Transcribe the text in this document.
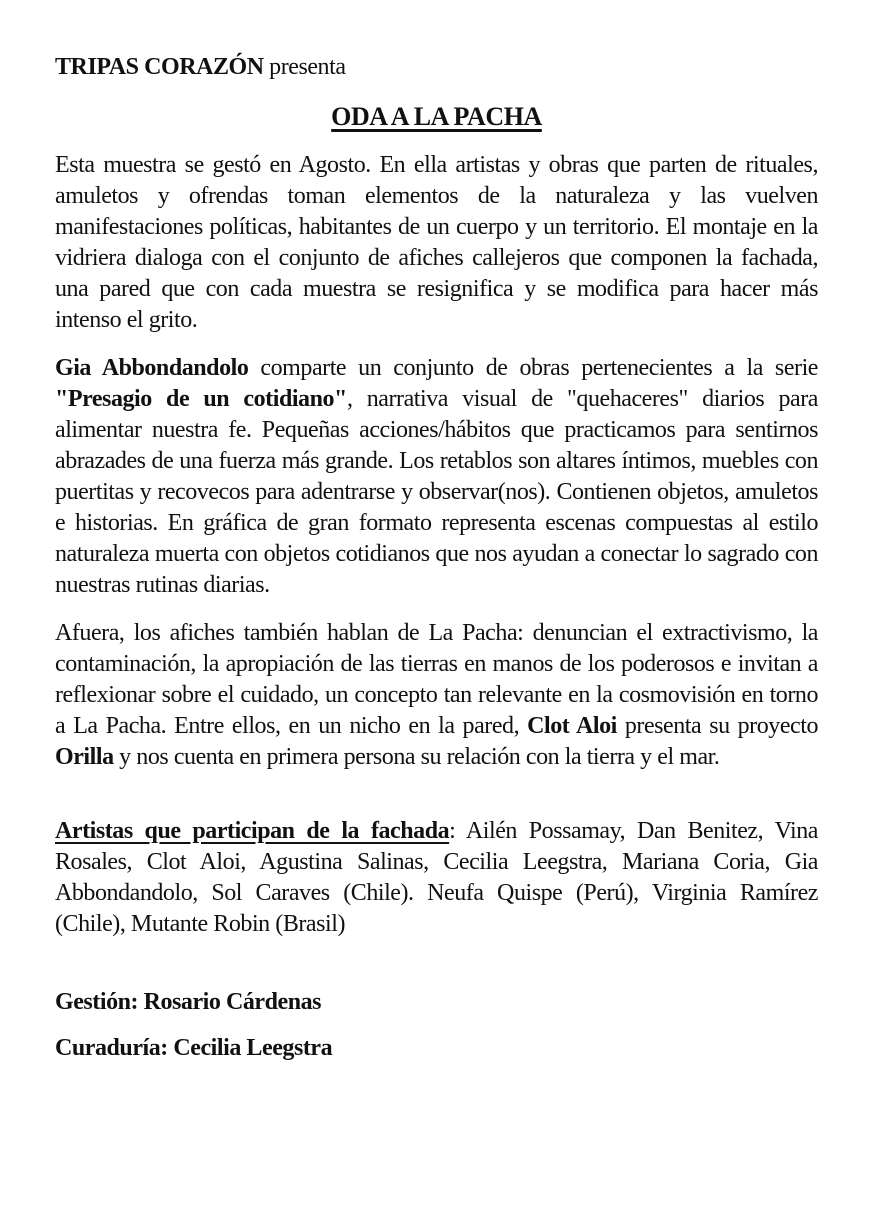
TRIPAS CORAZÓN presenta

ODA A LA PACHA

Esta muestra se gestó en Agosto. En ella artistas y obras que parten de rituales, amuletos y ofrendas toman elementos de la naturaleza y las vuelven manifestaciones políticas, habitantes de un cuerpo y un territorio. El montaje en la vidriera dialoga con el conjunto de afiches callejeros que componen la fachada, una pared que con cada muestra se resignifica y se modifica para hacer más intenso el grito.

Gia Abbondandolo comparte un conjunto de obras pertenecientes a la serie "Presagio de un cotidiano", narrativa visual de "quehaceres" diarios para alimentar nuestra fe. Pequeñas acciones/hábitos que practicamos para sentirnos abrazades de una fuerza más grande. Los retablos son altares íntimos, muebles con puertitas y recovecos para adentrarse y observar(nos). Contienen objetos, amuletos e historias. En gráfica de gran formato representa escenas compuestas al estilo naturaleza muerta con objetos cotidianos que nos ayudan a conectar lo sagrado con nuestras rutinas diarias.

Afuera, los afiches también hablan de La Pacha: denuncian el extractivismo, la contaminación, la apropiación de las tierras en manos de los poderosos e invitan a reflexionar sobre el cuidado, un concepto tan relevante en la cosmovisión en torno a La Pacha. Entre ellos, en un nicho en la pared, Clot Aloi presenta su proyecto Orilla y nos cuenta en primera persona su relación con la tierra y el mar.

Artistas que participan de la fachada: Ailén Possamay, Dan Benitez, Vina Rosales, Clot Aloi, Agustina Salinas, Cecilia Leegstra, Mariana Coria, Gia Abbondandolo, Sol Caraves (Chile). Neufa Quispe (Perú), Virginia Ramírez (Chile), Mutante Robin (Brasil)

Gestión: Rosario Cárdenas

Curaduría: Cecilia Leegstra
